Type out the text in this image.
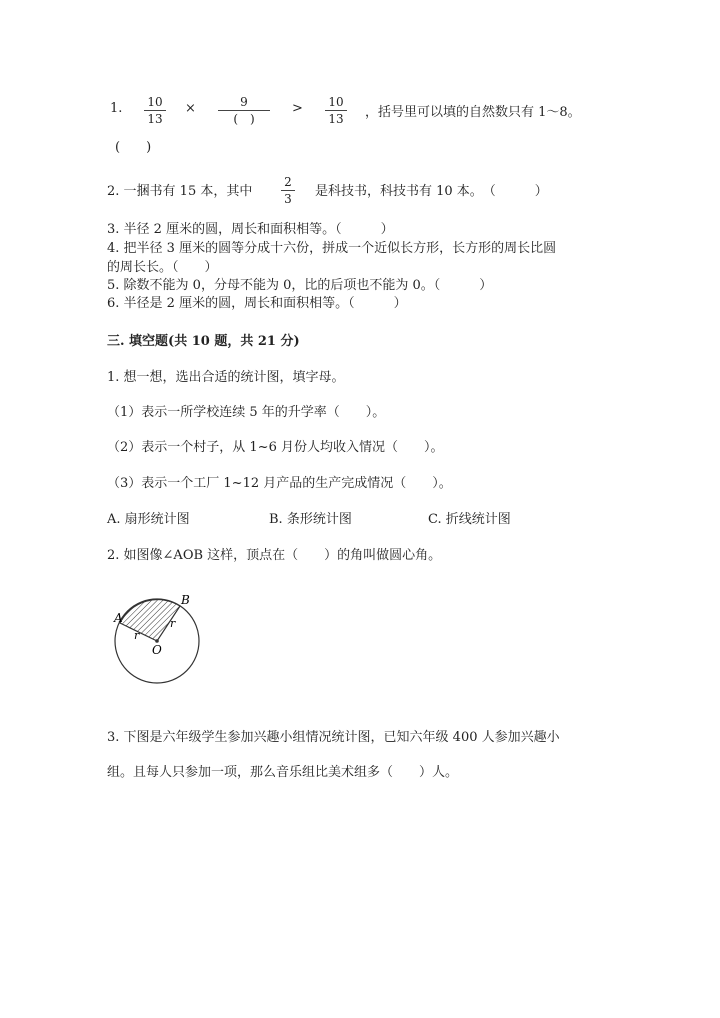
1. 10
13
×	9
(　)
> 10
13 ，括号里可以填的自然数只有 1～8。
(　　)
2. 一捆书有 15 本，其中
2
3 是科技书，科技书有 10 本。　（　　　）
3. 半径 2 厘米的圆，周长和面积相等。（　　　）
4. 把半径 3 厘米的圆等分成十六份，拼成一个近似长方形，长方形的周长比圆
的周长长。（　　）
5. 除数不能为 0，分母不能为 0，比的后项也不能为 0。（　　　）
6. 半径是 2 厘米的圆，周长和面积相等。（　　　）
三. 填空题(共 10 题，共 21 分)
1. 想一想，选出合适的统计图，填字母。
（1）表示一所学校连续 5 年的升学率（　　）。
（2）表示一个村子，从 1~6 月份人均收入情况（　　）。
（3）表示一个工厂 1~12 月产品的生产完成情况（　　）。
A. 扇形统计图	B. 条形统计图	C. 折线统计图
2. 如图像∠AOB 这样，顶点在（　　）的角叫做圆心角。
A
B
O
r
r
3. 下图是六年级学生参加兴趣小组情况统计图，已知六年级 400 人参加兴趣小
组。且每人只参加一项，那么音乐组比美术组多（　　）人。
